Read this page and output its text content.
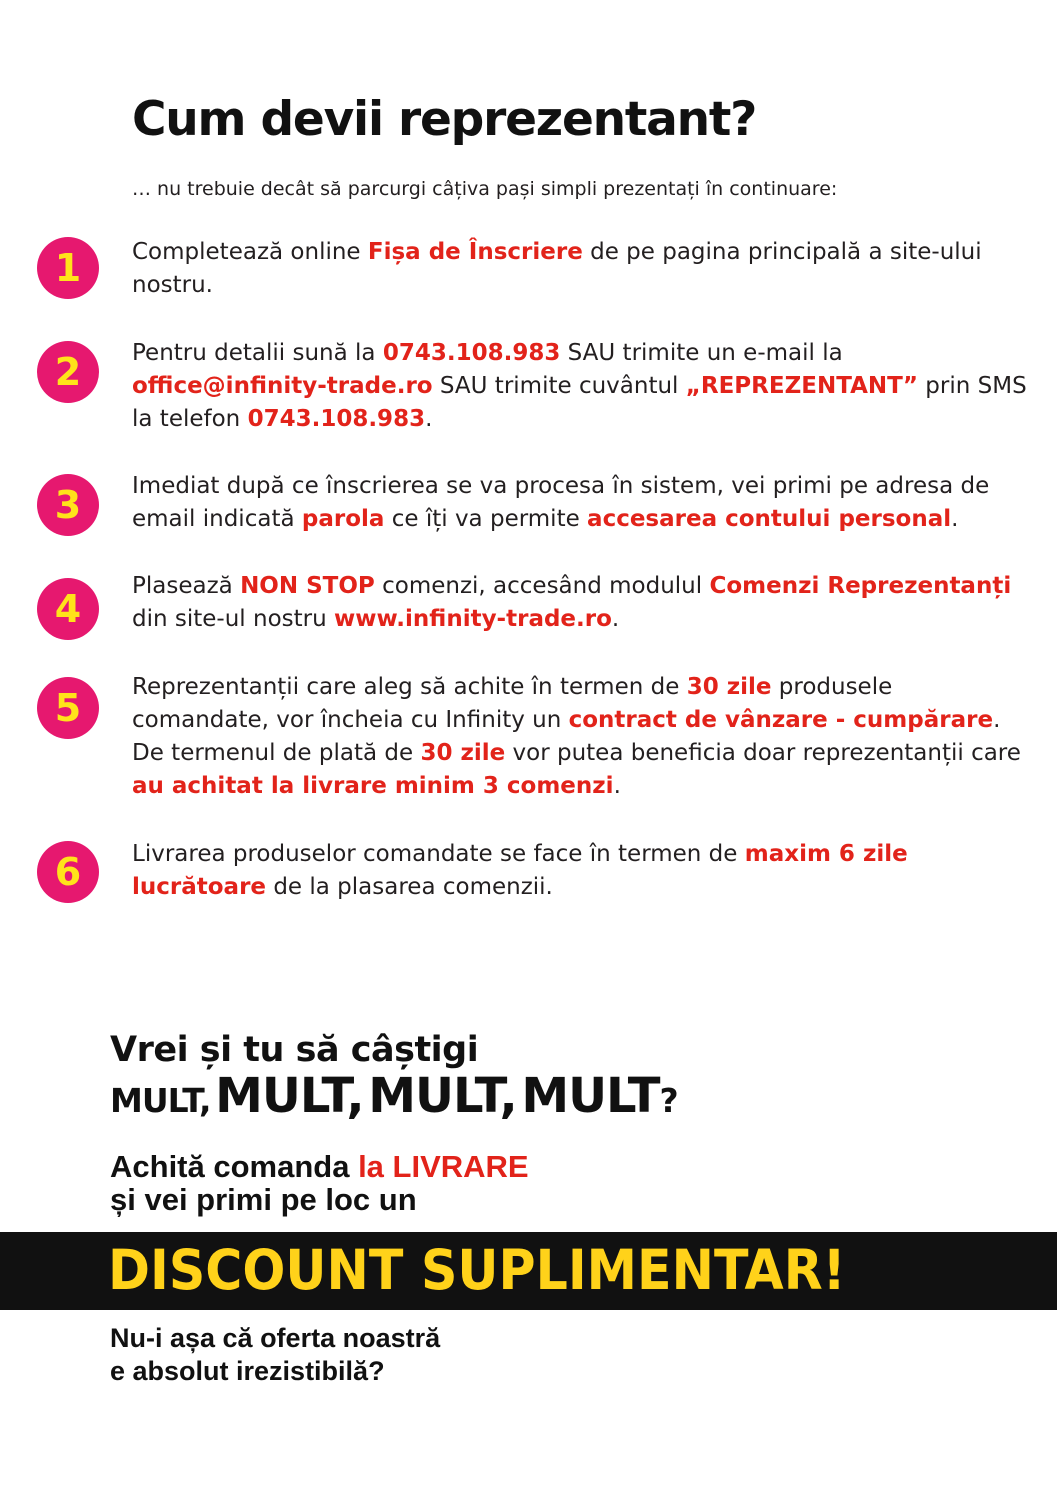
Cum devii reprezentant?
… nu trebuie decât să parcurgi câțiva pași simpli prezentați în continuare:
1	Completează online Fișa de Înscriere de pe pagina principală a site-ului nostru.
2	Pentru detalii sună la 0743.108.983 SAU trimite un e-mail la office@infinity-trade.ro SAU trimite cuvântul „REPREZENTANT” prin SMS la telefon 0743.108.983.
3	Imediat după ce înscrierea se va procesa în sistem, vei primi pe adresa de email indicată parola ce îți va permite accesarea contului personal.
4
Plasează NON STOP comenzi, accesând modulul Comenzi Reprezentanți din site-ul nostru www.infinity-trade.ro.
5	Reprezentanții care aleg să achite în termen de 30 zile produsele comandate, vor încheia cu Infinity un contract de vânzare - cumpărare. De termenul de plată de 30 zile vor putea beneficia doar reprezentanții care au achitat la livrare minim 3 comenzi.
6	Livrarea produselor comandate se face în termen de maxim 6 zile lucrătoare de la plasarea comenzii.
Vrei și tu să câștigi
MULT, MULT, MULT, MULT?
Achită comanda la LIVRARE
și vei primi pe loc un
DISCOUNT SUPLIMENTAR!
Nu-i așa că oferta noastră
e absolut irezistibilă?
